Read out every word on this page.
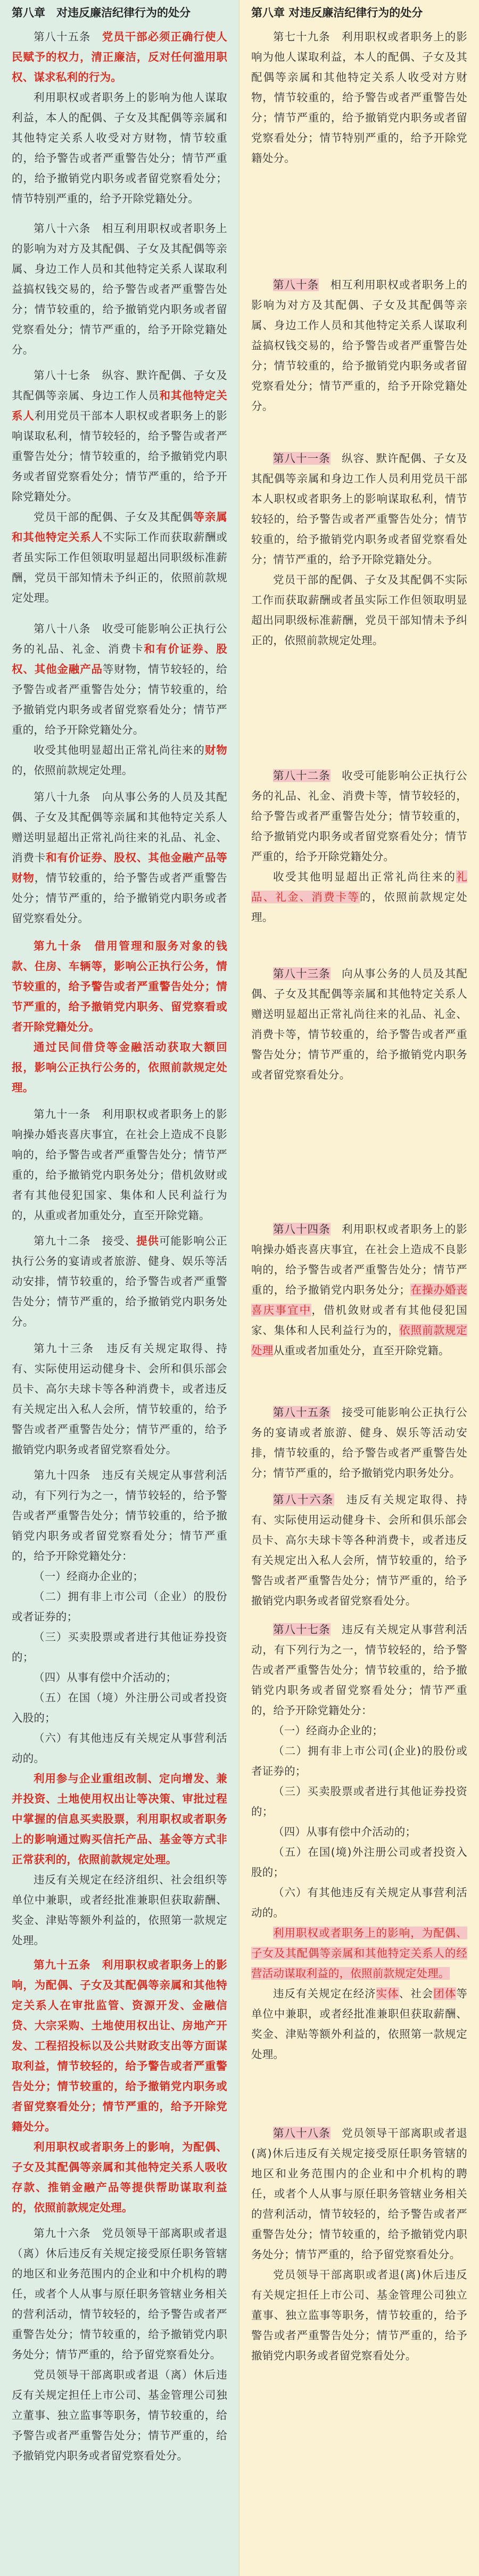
第八章　对违反廉洁纪律行为的处分

第八十五条　党员干部必须正确行使人民赋予的权力，清正廉洁，反对任何滥用职权、谋求私利的行为。

利用职权或者职务上的影响为他人谋取利益，本人的配偶、子女及其配偶等亲属和其他特定关系人收受对方财物，情节较重的，给予警告或者严重警告处分；情节严重的，给予撤销党内职务或者留党察看处分；情节特别严重的，给予开除党籍处分。

第八十六条　相互利用职权或者职务上的影响为对方及其配偶、子女及其配偶等亲属、身边工作人员和其他特定关系人谋取利益搞权钱交易的，给予警告或者严重警告处分；情节较重的，给予撤销党内职务或者留党察看处分；情节严重的，给予开除党籍处分。

第八十七条　纵容、默许配偶、子女及其配偶等亲属、身边工作人员和其他特定关系人利用党员干部本人职权或者职务上的影响谋取私利，情节较轻的，给予警告或者严重警告处分；情节较重的，给予撤销党内职务或者留党察看处分；情节严重的，给予开除党籍处分。

党员干部的配偶、子女及其配偶等亲属和其他特定关系人不实际工作而获取薪酬或者虽实际工作但领取明显超出同职级标准薪酬，党员干部知情未予纠正的，依照前款规定处理。

第八十八条　收受可能影响公正执行公务的礼品、礼金、消费卡和有价证券、股权、其他金融产品等财物，情节较轻的，给予警告或者严重警告处分；情节较重的，给予撤销党内职务或者留党察看处分；情节严重的，给予开除党籍处分。

收受其他明显超出正常礼尚往来的财物的，依照前款规定处理。

第八十九条　向从事公务的人员及其配偶、子女及其配偶等亲属和其他特定关系人赠送明显超出正常礼尚往来的礼品、礼金、消费卡和有价证券、股权、其他金融产品等财物，情节较重的，给予警告或者严重警告处分；情节严重的，给予撤销党内职务或者留党察看处分。

第九十条　借用管理和服务对象的钱款、住房、车辆等，影响公正执行公务，情节较重的，给予警告或者严重警告处分；情节严重的，给予撤销党内职务、留党察看或者开除党籍处分。

通过民间借贷等金融活动获取大额回报，影响公正执行公务的，依照前款规定处理。

第九十一条　利用职权或者职务上的影响操办婚丧喜庆事宜，在社会上造成不良影响的，给予警告或者严重警告处分；情节严重的，给予撤销党内职务处分；借机敛财或者有其他侵犯国家、集体和人民利益行为的，从重或者加重处分，直至开除党籍。

第九十二条　接受、提供可能影响公正执行公务的宴请或者旅游、健身、娱乐等活动安排，情节较重的，给予警告或者严重警告处分；情节严重的，给予撤销党内职务处分。

第九十三条　违反有关规定取得、持有、实际使用运动健身卡、会所和俱乐部会员卡、高尔夫球卡等各种消费卡，或者违反有关规定出入私人会所，情节较重的，给予警告或者严重警告处分；情节严重的，给予撤销党内职务或者留党察看处分。

第九十四条　违反有关规定从事营利活动，有下列行为之一，情节较轻的，给予警告或者严重警告处分；情节较重的，给予撤销党内职务或者留党察看处分；情节严重的，给予开除党籍处分：

（一）经商办企业的；

（二）拥有非上市公司（企业）的股份或者证券的；

（三）买卖股票或者进行其他证券投资的；

（四）从事有偿中介活动的；

（五）在国（境）外注册公司或者投资入股的；

（六）有其他违反有关规定从事营利活动的。

利用参与企业重组改制、定向增发、兼并投资、土地使用权出让等决策、审批过程中掌握的信息买卖股票，利用职权或者职务上的影响通过购买信托产品、基金等方式非正常获利的，依照前款规定处理。

违反有关规定在经济组织、社会组织等单位中兼职，或者经批准兼职但获取薪酬、奖金、津贴等额外利益的，依照第一款规定处理。

第九十五条　利用职权或者职务上的影响，为配偶、子女及其配偶等亲属和其他特定关系人在审批监管、资源开发、金融信贷、大宗采购、土地使用权出让、房地产开发、工程招投标以及公共财政支出等方面谋取利益，情节较轻的，给予警告或者严重警告处分；情节较重的，给予撤销党内职务或者留党察看处分；情节严重的，给予开除党籍处分。

利用职权或者职务上的影响，为配偶、子女及其配偶等亲属和其他特定关系人吸收存款、推销金融产品等提供帮助谋取利益的，依照前款规定处理。

第九十六条　党员领导干部离职或者退（离）休后违反有关规定接受原任职务管辖的地区和业务范围内的企业和中介机构的聘任，或者个人从事与原任职务管辖业务相关的营利活动，情节较轻的，给予警告或者严重警告处分；情节较重的，给予撤销党内职务处分；情节严重的，给予留党察看处分。

党员领导干部离职或者退（离）休后违反有关规定担任上市公司、基金管理公司独立董事、独立监事等职务，情节较重的，给予警告或者严重警告处分；情节严重的，给予撤销党内职务或者留党察看处分。

第八章 对违反廉洁纪律行为的处分

第七十九条　利用职权或者职务上的影响为他人谋取利益，本人的配偶、子女及其配偶等亲属和其他特定关系人收受对方财物，情节较重的，给予警告或者严重警告处分；情节严重的，给予撤销党内职务或者留党察看处分；情节特别严重的，给予开除党籍处分。

第八十条　相互利用职权或者职务上的影响为对方及其配偶、子女及其配偶等亲属、身边工作人员和其他特定关系人谋取利益搞权钱交易的，给予警告或者严重警告处分；情节较重的，给予撤销党内职务或者留党察看处分；情节严重的，给予开除党籍处分。

第八十一条　纵容、默许配偶、子女及其配偶等亲属和身边工作人员利用党员干部本人职权或者职务上的影响谋取私利，情节较轻的，给予警告或者严重警告处分；情节较重的，给予撤销党内职务或者留党察看处分；情节严重的，给予开除党籍处分。

党员干部的配偶、子女及其配偶不实际工作而获取薪酬或者虽实际工作但领取明显超出同职级标准薪酬，党员干部知情未予纠正的，依照前款规定处理。

第八十二条　收受可能影响公正执行公务的礼品、礼金、消费卡等，情节较轻的，给予警告或者严重警告处分；情节较重的，给予撤销党内职务或者留党察看处分；情节严重的，给予开除党籍处分。

收受其他明显超出正常礼尚往来的礼品、礼金、消费卡等的，依照前款规定处理。

第八十三条　向从事公务的人员及其配偶、子女及其配偶等亲属和其他特定关系人赠送明显超出正常礼尚往来的礼品、礼金、消费卡等，情节较重的，给予警告或者严重警告处分；情节严重的，给予撤销党内职务或者留党察看处分。

第八十四条　利用职权或者职务上的影响操办婚丧喜庆事宜，在社会上造成不良影响的，给予警告或者严重警告处分；情节严重的，给予撤销党内职务处分；在操办婚丧喜庆事宜中，借机敛财或者有其他侵犯国家、集体和人民利益行为的，依照前款规定处理从重或者加重处分，直至开除党籍。

第八十五条　接受可能影响公正执行公务的宴请或者旅游、健身、娱乐等活动安排，情节较重的，给予警告或者严重警告处分；情节严重的，给予撤销党内职务处分。

第八十六条　违反有关规定取得、持有、实际使用运动健身卡、会所和俱乐部会员卡、高尔夫球卡等各种消费卡，或者违反有关规定出入私人会所，情节较重的，给予警告或者严重警告处分；情节严重的，给予撤销党内职务或者留党察看处分。

第八十七条　违反有关规定从事营利活动，有下列行为之一，情节较轻的，给予警告或者严重警告处分；情节较重的，给予撤销党内职务或者留党察看处分；情节严重的，给予开除党籍处分：

（一）经商办企业的；

（二）拥有非上市公司(企业)的股份或者证券的；

（三）买卖股票或者进行其他证券投资的；

（四）从事有偿中介活动的；

（五）在国(境)外注册公司或者投资入股的；

（六）有其他违反有关规定从事营利活动的。

利用职权或者职务上的影响，为配偶、子女及其配偶等亲属和其他特定关系人的经营活动谋取利益的，依照前款规定处理。

违反有关规定在经济实体、社会团体等单位中兼职，或者经批准兼职但获取薪酬、奖金、津贴等额外利益的，依照第一款规定处理。

第八十八条　党员领导干部离职或者退(离)休后违反有关规定接受原任职务管辖的地区和业务范围内的企业和中介机构的聘任，或者个人从事与原任职务管辖业务相关的营利活动，情节较轻的，给予警告或者严重警告处分；情节较重的，给予撤销党内职务处分；情节严重的，给予留党察看处分。

党员领导干部离职或者退(离)休后违反有关规定担任上市公司、基金管理公司独立董事、独立监事等职务，情节较重的，给予警告或者严重警告处分；情节严重的，给予撤销党内职务或者留党察看处分。
